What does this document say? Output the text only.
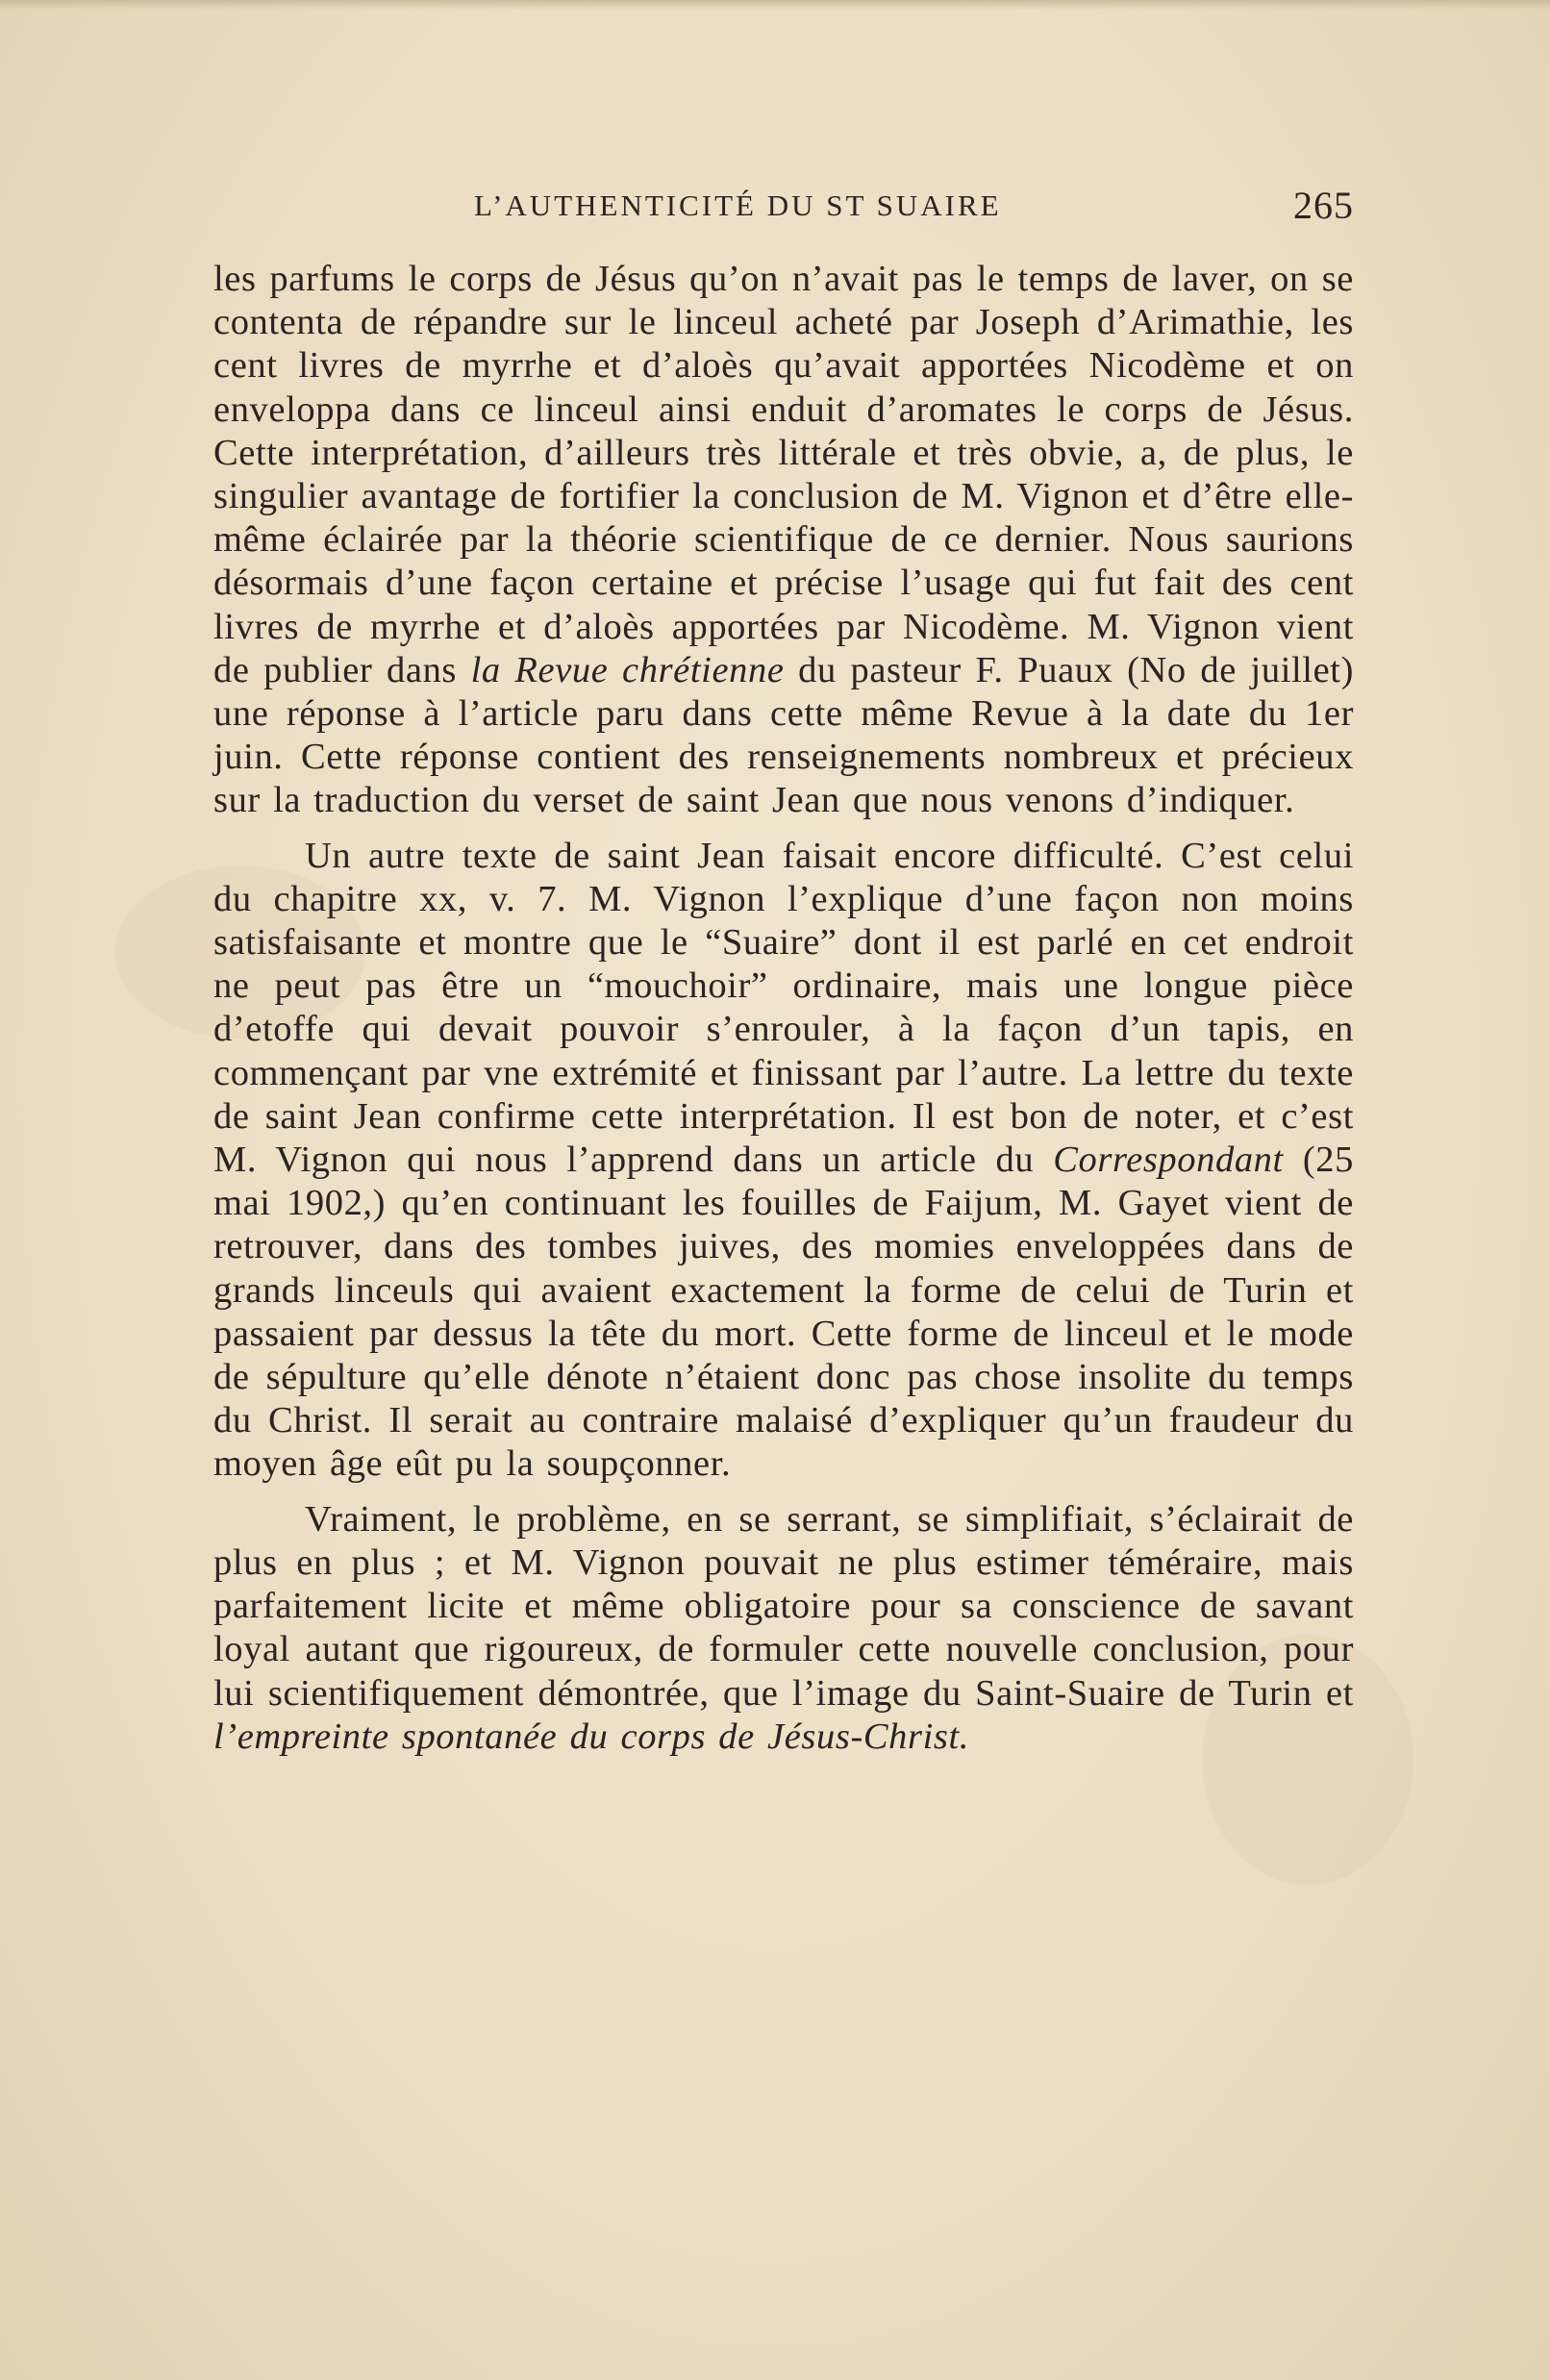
L’AUTHENTICITÉ DU ST SUAIRE	265

les parfums le corps de Jésus qu’on n’avait pas le temps de laver, on se contenta de répandre sur le linceul acheté par Joseph d’Arimathie, les cent livres de myrrhe et d’aloès qu’avait apportées Nicodème et on enveloppa dans ce linceul ainsi enduit d’aromates le corps de Jésus. Cette interprétation, d’ailleurs très littérale et très obvie, a, de plus, le singulier avantage de fortifier la conclusion de M. Vignon et d’être elle-même éclairée par la théorie scientifique de ce dernier. Nous saurions désormais d’une façon certaine et précise l’usage qui fut fait des cent livres de myrrhe et d’aloès apportées par Nicodème. M. Vignon vient de publier dans la Revue chrétienne du pasteur F. Puaux (No de juillet) une réponse à l’article paru dans cette même Revue à la date du 1er juin. Cette réponse contient des renseignements nombreux et précieux sur la traduction du verset de saint Jean que nous venons d’indiquer.

Un autre texte de saint Jean faisait encore difficulté. C’est celui du chapitre xx, v. 7. M. Vignon l’explique d’une façon non moins satisfaisante et montre que le “Suaire” dont il est parlé en cet endroit ne peut pas être un “mouchoir” ordinaire, mais une longue pièce d’etoffe qui devait pouvoir s’enrouler, à la façon d’un tapis, en commençant par vne extrémité et finissant par l’autre. La lettre du texte de saint Jean confirme cette interprétation. Il est bon de noter, et c’est M. Vignon qui nous l’apprend dans un article du Correspondant (25 mai 1902,) qu’en continuant les fouilles de Faijum, M. Gayet vient de retrouver, dans des tombes juives, des momies enveloppées dans de grands linceuls qui avaient exactement la forme de celui de Turin et passaient par dessus la tête du mort. Cette forme de linceul et le mode de sépulture qu’elle dénote n’étaient donc pas chose insolite du temps du Christ. Il serait au contraire malaisé d’expliquer qu’un fraudeur du moyen âge eût pu la soupçonner.

Vraiment, le problème, en se serrant, se simplifiait, s’éclairait de plus en plus ; et M. Vignon pouvait ne plus estimer téméraire, mais parfaitement licite et même obligatoire pour sa conscience de savant loyal autant que rigoureux, de formuler cette nouvelle conclusion, pour lui scientifiquement démontrée, que l’image du Saint-Suaire de Turin et l’empreinte spontanée du corps de Jésus-Christ.
